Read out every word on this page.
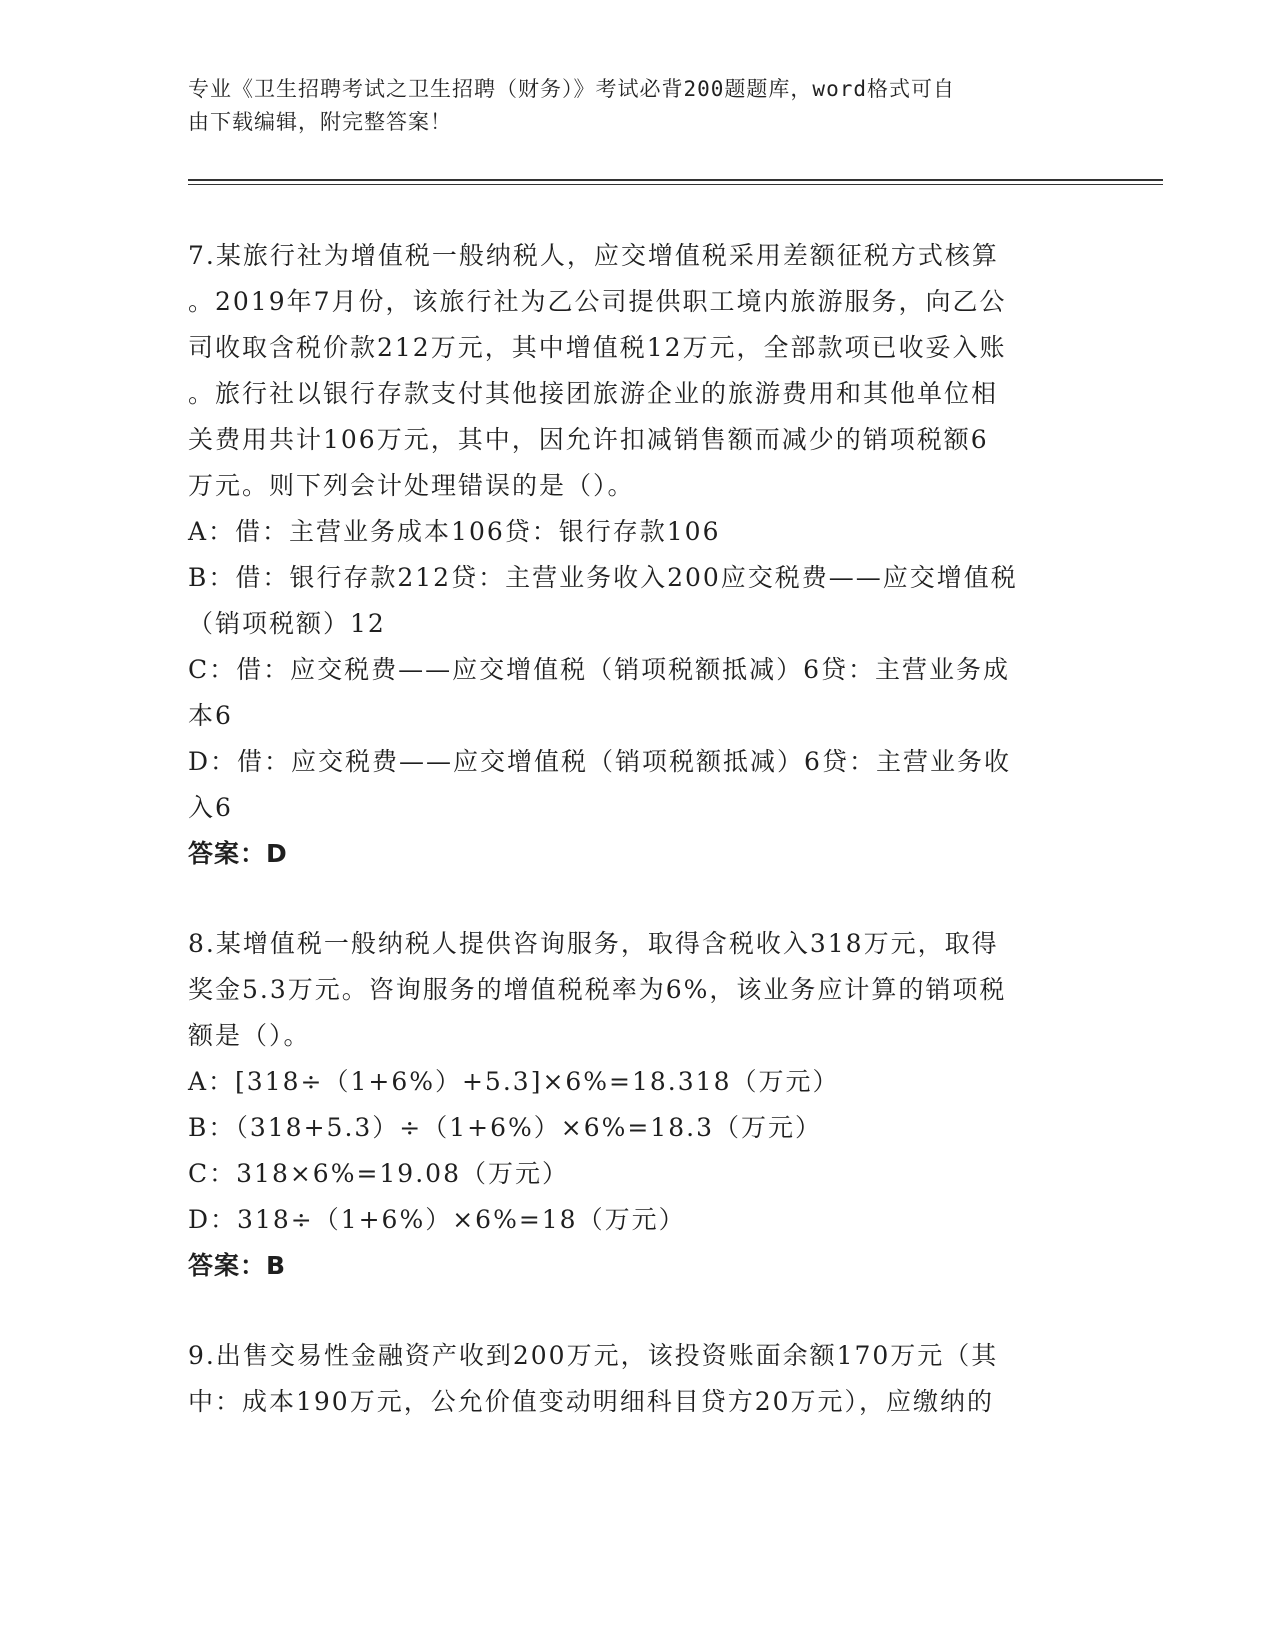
专业《卫生招聘考试之卫生招聘（财务）》考试必背200题题库，word格式可自

由下载编辑，附完整答案！

7.某旅行社为增值税一般纳税人，应交增值税采用差额征税方式核算

。2019年7月份，该旅行社为乙公司提供职工境内旅游服务，向乙公

司收取含税价款212万元，其中增值税12万元，全部款项已收妥入账

。旅行社以银行存款支付其他接团旅游企业的旅游费用和其他单位相

关费用共计106万元，其中，因允许扣减销售额而减少的销项税额6

万元。则下列会计处理错误的是（）。

A：借：主营业务成本106贷：银行存款106

B：借：银行存款212贷：主营业务收入200应交税费——应交增值税

（销项税额）12

C：借：应交税费——应交增值税（销项税额抵减）6贷：主营业务成

本6

D：借：应交税费——应交增值税（销项税额抵减）6贷：主营业务收

入6

答案：D

8.某增值税一般纳税人提供咨询服务，取得含税收入318万元，取得

奖金5.3万元。咨询服务的增值税税率为6%，该业务应计算的销项税

额是（）。

A：[318÷（1+6%）+5.3]×6%=18.318（万元）

B：（318+5.3）÷（1+6%）×6%=18.3（万元）

C：318×6%=19.08（万元）

D：318÷（1+6%）×6%=18（万元）

答案：B

9.出售交易性金融资产收到200万元，该投资账面余额170万元（其

中：成本190万元，公允价值变动明细科目贷方20万元），应缴纳的
